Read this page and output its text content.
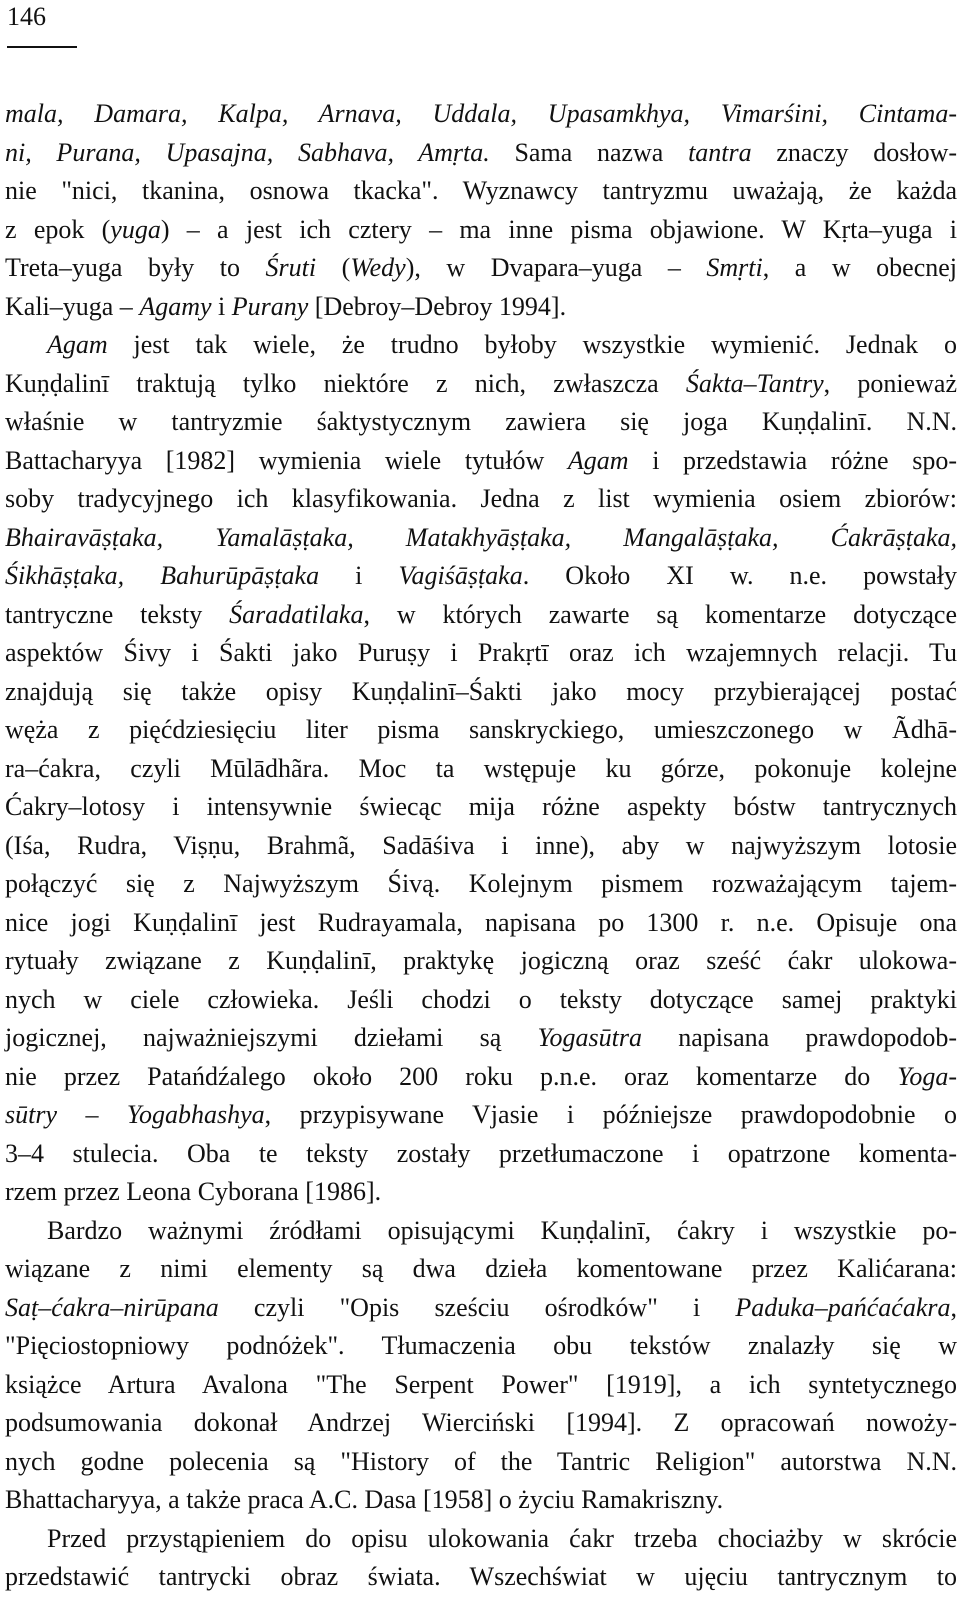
146
mala, Damara, Kalpa, Arnava, Uddala, Upasamkhya, Vimarśini, Cintama-
ni, Purana, Upasajna, Sabhava, Amṛta. Sama nazwa tantra znaczy dosłow-
nie "nici, tkanina, osnowa tkacka". Wyznawcy tantryzmu uważają, że każda
z epok (yuga) – a jest ich cztery – ma inne pisma objawione. W Kṛta–yuga i
Treta–yuga były to Śruti (Wedy), w Dvapara–yuga – Smṛti, a w obecnej
Kali–yuga – Agamy i Purany [Debroy–Debroy 1994].
Agam jest tak wiele, że trudno byłoby wszystkie wymienić. Jednak o
Kuṇḍalinī traktują tylko niektóre z nich, zwłaszcza Śakta–Tantry, ponieważ
właśnie w tantryzmie śaktystycznym zawiera się joga Kuṇḍalinī. N.N.
Battacharyya [1982] wymienia wiele tytułów Agam i przedstawia różne spo-
soby tradycyjnego ich klasyfikowania. Jedna z list wymienia osiem zbiorów:
Bhairavāṣṭaka, Yamalāṣṭaka, Matakhyāṣṭaka, Mangalāṣṭaka, Ćakrāṣṭaka,
Śikhāṣṭaka, Bahurūpāṣṭaka i Vagiśāṣṭaka. Około XI w. n.e. powstały
tantryczne teksty Śaradatilaka, w których zawarte są komentarze dotyczące
aspektów Śivy i Śakti jako Puruṣy i Prakṛtī oraz ich wzajemnych relacji. Tu
znajdują się także opisy Kuṇḍalinī–Śakti jako mocy przybierającej postać
węża z pięćdziesięciu liter pisma sanskryckiego, umieszczonego w Ãdhā-
ra–ćakra, czyli Mūlādhãra. Moc ta wstępuje ku górze, pokonuje kolejne
Ćakry–lotosy i intensywnie świecąc mija różne aspekty bóstw tantrycznych
(Iśa, Rudra, Viṣṇu, Brahmã, Sadāśiva i inne), aby w najwyższym lotosie
połączyć się z Najwyższym Śivą. Kolejnym pismem rozważającym tajem-
nice jogi Kuṇḍalinī jest Rudrayamala, napisana po 1300 r. n.e. Opisuje ona
rytuały związane z Kuṇḍalinī, praktykę jogiczną oraz sześć ćakr ulokowa-
nych w ciele człowieka. Jeśli chodzi o teksty dotyczące samej praktyki
jogicznej, najważniejszymi dziełami są Yogasūtra napisana prawdopodob-
nie przez Patańdźalego około 200 roku p.n.e. oraz komentarze do Yoga-
sūtry – Yogabhashya, przypisywane Vjasie i późniejsze prawdopodobnie o
3–4 stulecia. Oba te teksty zostały przetłumaczone i opatrzone komenta-
rzem przez Leona Cyborana [1986].
Bardzo ważnymi źródłami opisującymi Kuṇḍalinī, ćakry i wszystkie po-
wiązane z nimi elementy są dwa dzieła komentowane przez Kalićarana:
Saṭ–ćakra–nirūpana czyli "Opis sześciu ośrodków" i Paduka–pańćaćakra,
"Pięciostopniowy podnóżek". Tłumaczenia obu tekstów znalazły się w
książce Artura Avalona "The Serpent Power" [1919], a ich syntetycznego
podsumowania dokonał Andrzej Wierciński [1994]. Z opracowań nowoży-
nych godne polecenia są "History of the Tantric Religion" autorstwa N.N.
Bhattacharyya, a także praca A.C. Dasa [1958] o życiu Ramakriszny.
Przed przystąpieniem do opisu ulokowania ćakr trzeba chociażby w skrócie
przedstawić tantrycki obraz świata. Wszechświat w ujęciu tantrycznym to
